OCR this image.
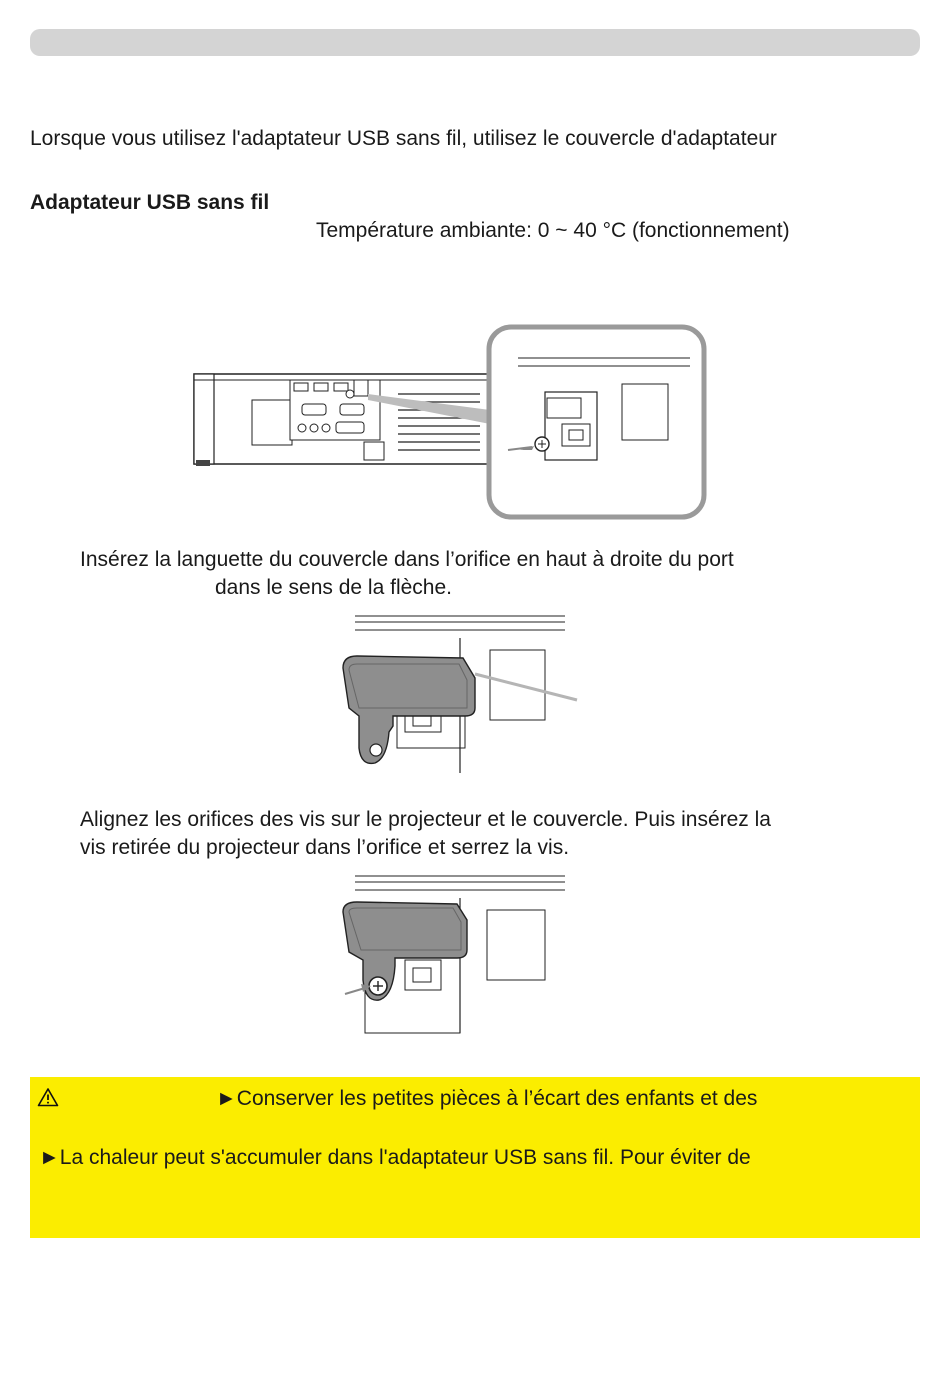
Lorsque vous utilisez l'adaptateur USB sans fil, utilisez le couvercle d'adaptateur
Adaptateur USB sans fil
Température ambiante: 0 ~ 40 °C (fonctionnement)
Insérez la languette du couvercle dans l’orifice en haut à droite du port
dans le sens de la flèche.
Alignez les orifices des vis sur le projecteur et le couvercle. Puis insérez la
vis retirée du projecteur dans l’orifice et serrez la vis.
►Conserver les petites pièces à l’écart des enfants et des
►La chaleur peut s'accumuler dans l'adaptateur USB sans fil. Pour éviter de
